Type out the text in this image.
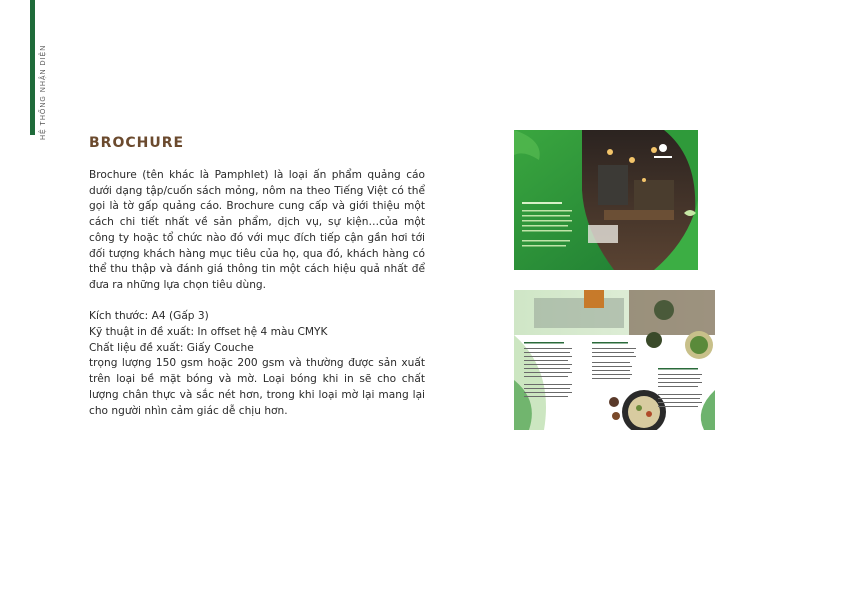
HỆ THỐNG NHẬN DIỆN
BROCHURE

Brochure (tên khác là Pamphlet) là loại ấn phẩm quảng cáo dưới dạng tập/cuốn sách mỏng, nôm na theo Tiếng Việt có thể gọi là tờ gấp quảng cáo. Brochure cung cấp và giới thiệu một cách chi tiết nhất về sản phẩm, dịch vụ, sự kiện…của một công ty hoặc tổ chức nào đó với mục đích tiếp cận gần hơi tới đối tượng khách hàng mục tiêu của họ, qua đó, khách hàng có thể thu thập và đánh giá thông tin một cách hiệu quả nhất để đưa ra những lựa chọn tiêu dùng.

Kích thước: A4 (Gấp 3)

Kỹ thuật in đề xuất: In offset hệ 4 màu CMYK

Chất liệu đề xuất: Giấy Couche

trọng lượng 150 gsm hoặc 200 gsm và thường được sản xuất trên loại bề mặt bóng và mờ. Loại bóng khi in sẽ cho chất lượng chân thực và sắc nét hơn, trong khi loại mờ lại mang lại cho người nhìn cảm giác dễ chịu hơn.
